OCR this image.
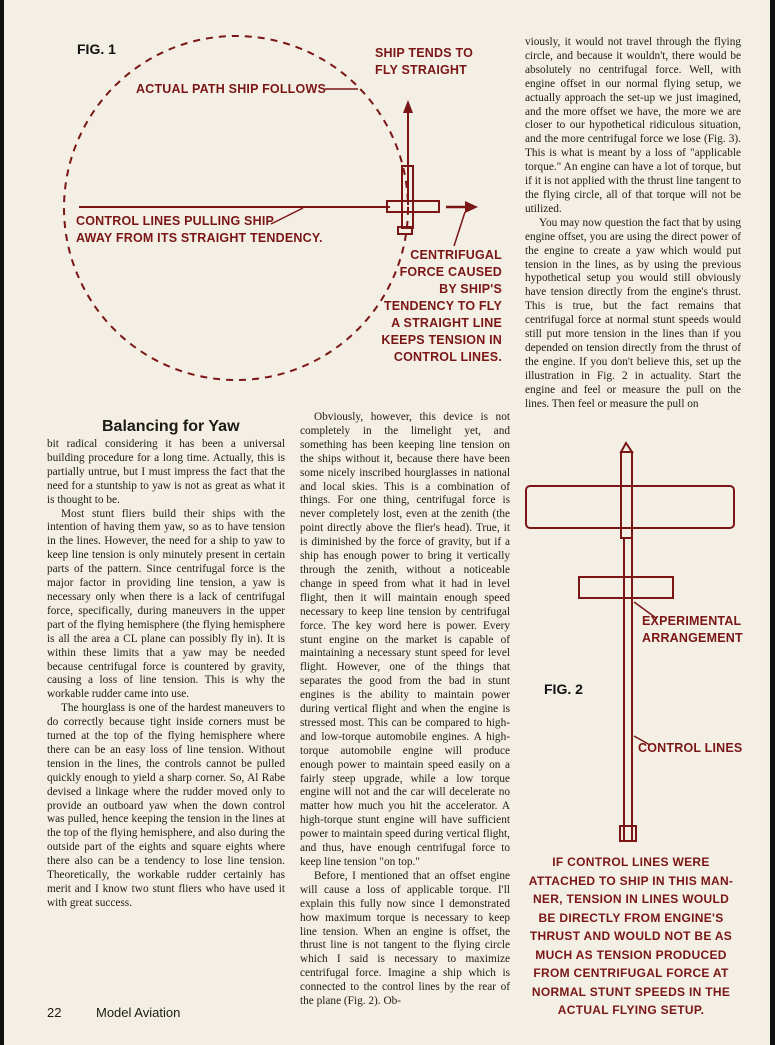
FIG. 1	SHIP TENDS TO
FLY STRAIGHT
ACTUAL PATH SHIP FOLLOWS
CONTROL LINES PULLING SHIP
AWAY FROM ITS STRAIGHT TENDENCY.
CENTRIFUGAL
FORCE CAUSED
BY SHIP'S
TENDENCY TO FLY
A STRAIGHT LINE
KEEPS TENSION IN
CONTROL LINES.
FIG. 2
EXPERIMENTAL
ARRANGEMENT
CONTROL LINES
IF CONTROL LINES WERE
ATTACHED TO SHIP IN THIS MAN-
NER, TENSION IN LINES WOULD
BE DIRECTLY FROM ENGINE'S
THRUST AND WOULD NOT BE AS
MUCH AS TENSION PRODUCED
FROM CENTRIFUGAL FORCE AT
NORMAL STUNT SPEEDS IN THE
ACTUAL FLYING SETUP.
Balancing for Yaw

bit radical considering it has been a universal building procedure for a long time. Actually, this is partially untrue, but I must impress the fact that the need for a stuntship to yaw is not as great as what it is thought to be.

Most stunt fliers build their ships with the intention of having them yaw, so as to have tension in the lines. However, the need for a ship to yaw to keep line tension is only minutely present in certain parts of the pattern. Since centrifugal force is the major factor in providing line tension, a yaw is necessary only when there is a lack of centrifugal force, specifically, during maneuvers in the upper part of the flying hemisphere (the flying hemisphere is all the area a CL plane can possibly fly in). It is within these limits that a yaw may be needed because centrifugal force is countered by gravity, causing a loss of line tension. This is why the workable rudder came into use.

The hourglass is one of the hardest maneuvers to do correctly because tight inside corners must be turned at the top of the flying hemisphere where there can be an easy loss of line tension. Without tension in the lines, the controls cannot be pulled quickly enough to yield a sharp corner. So, Al Rabe devised a linkage where the rudder moved only to provide an outboard yaw when the down control was pulled, hence keeping the tension in the lines at the top of the flying hemisphere, and also during the outside part of the eights and square eights where there also can be a tendency to lose line tension. Theoretically, the workable rudder certainly has merit and I know two stunt fliers who have used it with great success.

Obviously, however, this device is not completely in the limelight yet, and something has been keeping line tension on the ships without it, because there have been some nicely inscribed hourglasses in national and local skies. This is a combination of things. For one thing, centrifugal force is never completely lost, even at the zenith (the point directly above the flier's head). True, it is diminished by the force of gravity, but if a ship has enough power to bring it vertically through the zenith, without a noticeable change in speed from what it had in level flight, then it will maintain enough speed necessary to keep line tension by centrifugal force. The key word here is power. Every stunt engine on the market is capable of maintaining a necessary stunt speed for level flight. However, one of the things that separates the good from the bad in stunt engines is the ability to maintain power during vertical flight and when the engine is stressed most. This can be compared to high- and low-torque automobile engines. A high-torque automobile engine will produce enough power to maintain speed easily on a fairly steep upgrade, while a low torque engine will not and the car will decelerate no matter how much you hit the accelerator. A high-torque stunt engine will have sufficient power to maintain speed during vertical flight, and thus, have enough centrifugal force to keep line tension "on top."

Before, I mentioned that an offset engine will cause a loss of applicable torque. I'll explain this fully now since I demonstrated how maximum torque is necessary to keep line tension. When an engine is offset, the thrust line is not tangent to the flying circle which I said is necessary to maximize centrifugal force. Imagine a ship which is connected to the control lines by the rear of the plane (Fig. 2). Ob-

viously, it would not travel through the flying circle, and because it wouldn't, there would be absolutely no centrifugal force. Well, with engine offset in our normal flying setup, we actually approach the set-up we just imagined, and the more offset we have, the more we are closer to our hypothetical ridiculous situation, and the more centrifugal force we lose (Fig. 3). This is what is meant by a loss of "applicable torque." An engine can have a lot of torque, but if it is not applied with the thrust line tangent to the flying circle, all of that torque will not be utilized.

You may now question the fact that by using engine offset, you are using the direct power of the engine to create a yaw which would put tension in the lines, as by using the previous hypothetical setup you would still obviously have tension directly from the engine's thrust. This is true, but the fact remains that centrifugal force at normal stunt speeds would still put more tension in the lines than if you depended on tension directly from the thrust of the engine. If you don't believe this, set up the illustration in Fig. 2 in actuality. Start the engine and feel or measure the pull on the lines. Then feel or measure the pull on

22	Model Aviation
